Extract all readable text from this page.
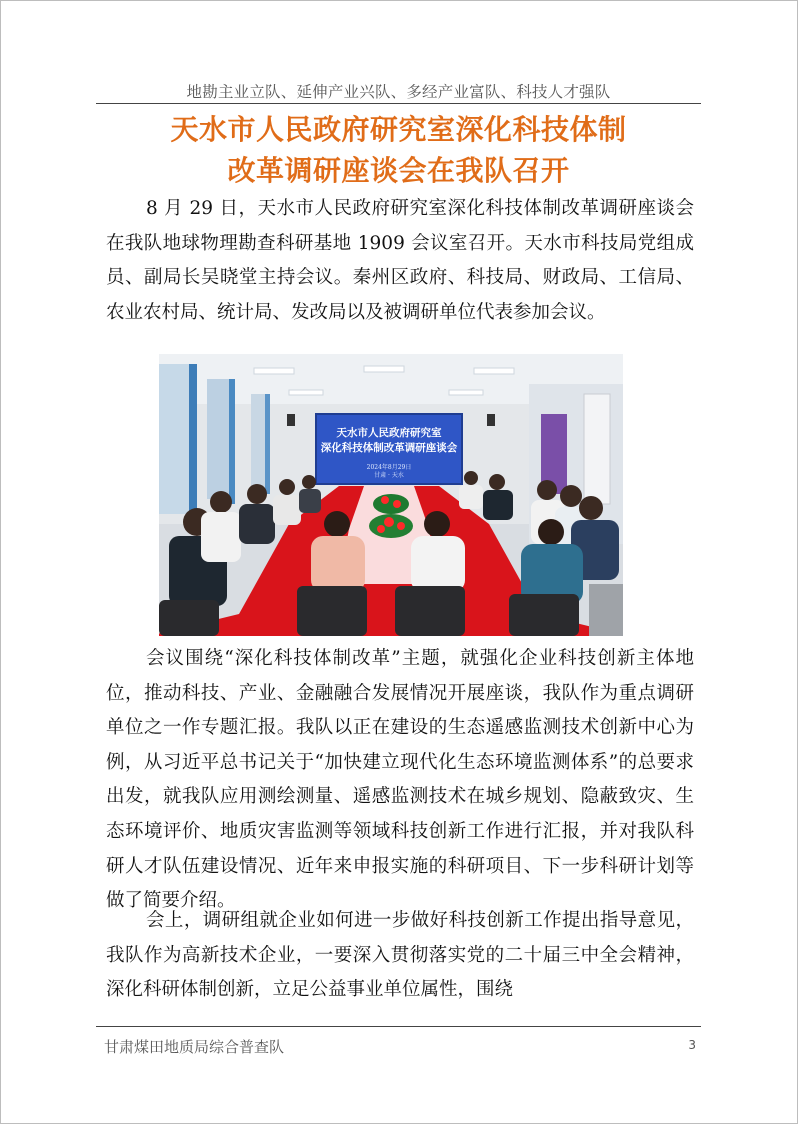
地勘主业立队、延伸产业兴队、多经产业富队、科技人才强队
天水市人民政府研究室深化科技体制
改革调研座谈会在我队召开
8 月 29 日，天水市人民政府研究室深化科技体制改革调研座谈会在我队地球物理勘查科研基地 1909 会议室召开。天水市科技局党组成员、副局长吴晓堂主持会议。秦州区政府、科技局、财政局、工信局、农业农村局、统计局、发改局以及被调研单位代表参加会议。
天水市人民政府研究室
深化科技体制改革调研座谈会
2024年8月29日
甘肃 · 天水
会议围绕“深化科技体制改革”主题，就强化企业科技创新主体地位，推动科技、产业、金融融合发展情况开展座谈，我队作为重点调研单位之一作专题汇报。我队以正在建设的生态遥感监测技术创新中心为例，从习近平总书记关于“加快建立现代化生态环境监测体系”的总要求出发，就我队应用测绘测量、遥感监测技术在城乡规划、隐蔽致灾、生态环境评价、地质灾害监测等领域科技创新工作进行汇报，并对我队科研人才队伍建设情况、近年来申报实施的科研项目、下一步科研计划等做了简要介绍。
会上，调研组就企业如何进一步做好科技创新工作提出指导意见，我队作为高新技术企业，一要深入贯彻落实党的二十届三中全会精神，深化科研体制创新，立足公益事业单位属性，围绕
甘肃煤田地质局综合普查队	3
